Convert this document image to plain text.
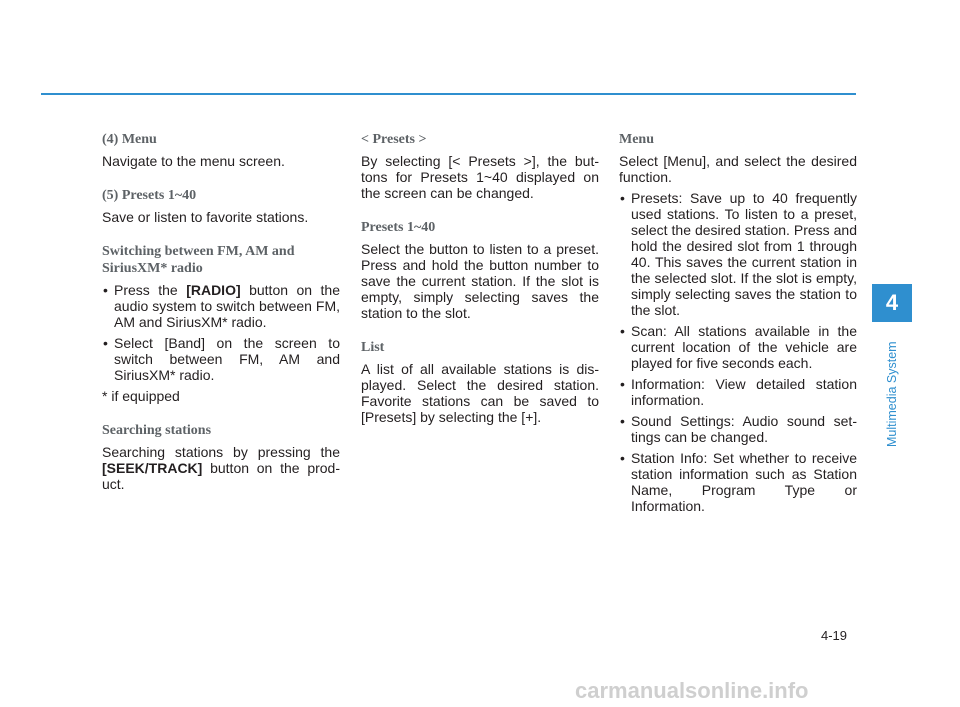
(4) Menu

Navigate to the menu screen.

(5) Presets 1~40

Save or listen to favorite stations.

Switching between FM, AM and SiriusXM* radio
• Press the [RADIO] button on the audio system to switch between FM, AM and SiriusXM* radio.
• Select [Band] on the screen to switch between FM, AM and SiriusXM* radio.
* if equipped
Searching stations

Searching stations by pressing the [SEEK/TRACK] button on the prod-uct.

< Presets >

By selecting [< Presets >], the but-tons for Presets 1~40 displayed on the screen can be changed.

Presets 1~40

Select the button to listen to a preset. Press and hold the button number to save the current station. If the slot is empty, simply selecting saves the station to the slot.

List

A list of all available stations is dis-played. Select the desired station. Favorite stations can be saved to [Presets] by selecting the [+].

Menu

Select [Menu], and select the desired function.

• Presets: Save up to 40 frequently used stations. To listen to a preset, select the desired station. Press and hold the desired slot from 1 through 40. This saves the current station in the selected slot. If the slot is empty, simply selecting saves the station to the slot.
• Scan: All stations available in the current location of the vehicle are played for five seconds each.
• Information: View detailed station information.
• Sound Settings: Audio sound set-tings can be changed.
• Station Info: Set whether to receive station information such as Station Name, Program Type or Information.
4
Multimedia System
4-19
carmanualsonline.info
